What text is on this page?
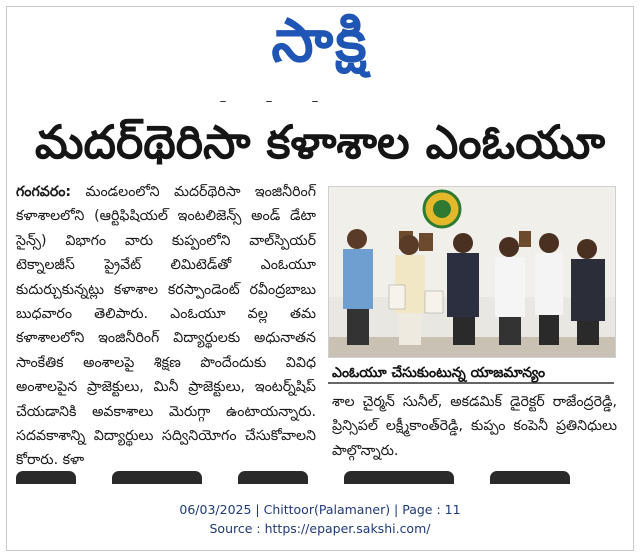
సాక్షి
మదర్‌థెరిసా కళాశాల ఎంఓయూ
గంగవరం: మండలంలోని మదర్‌థెరిసా ఇంజినీరింగ్ కళాశాలలోని (ఆర్టిఫిషియల్ ఇంటలిజెన్స్ అండ్ డేటా సైన్స్) విభాగం వారు కుప్పంలోని వాల్‌స్పియర్ టెక్నాలజీస్ ప్రైవేట్ లిమిటెడ్‌తో ఎంఓయూ కుదుర్చుకున్నట్లు కళాశాల కరస్పాండెంట్ రవీంద్రబాబు బుధవారం తెలిపారు. ఎంఓయూ వల్ల తమ కళాశాలలోని ఇంజినీరింగ్ విద్యార్థులకు అధునాతన సాంకేతిక అంశాలపై శిక్షణ పొందేందుకు వివిధ అంశాలపైన ప్రాజెక్టులు, మినీ ప్రాజెక్టులు, ఇంటర్న్‌షిప్ చేయడానికి అవకాశాలు మెరుగ్గా ఉంటాయన్నారు. సదవకాశాన్ని విద్యార్థులు సద్వినియోగం చేసుకోవాలని కోరారు. కళా
ఎంఓయూ చేసుకుంటున్న యాజమాన్యం
శాల చైర్మన్ సునీల్, అకడమిక్ డైరెక్టర్ రాజేంద్రరెడ్డి, ప్రిన్సిపల్ లక్ష్మీకాంత్‌రెడ్డి, కుప్పం కంపెనీ ప్రతినిధులు పాల్గొన్నారు.
06/03/2025 | Chittoor(Palamaner) | Page : 11
Source : https://epaper.sakshi.com/
